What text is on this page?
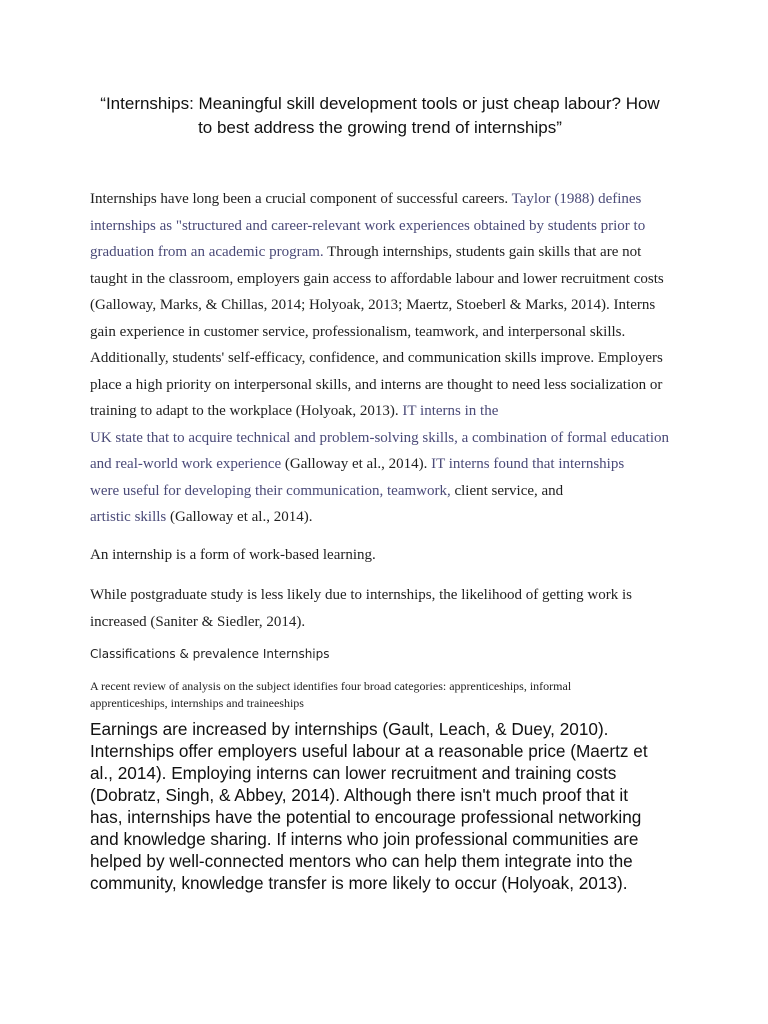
“Internships: Meaningful skill development tools or just cheap labour? How
to best address the growing trend of internships”
Internships have long been a crucial component of successful careers. Taylor (1988) defines
internships as "structured and career-relevant work experiences obtained by students prior to
graduation from an academic program. Through internships, students gain skills that are not
taught in the classroom, employers gain access to affordable labour and lower recruitment costs
(Galloway, Marks, & Chillas, 2014; Holyoak, 2013; Maertz, Stoeberl & Marks, 2014). Interns
gain experience in customer service, professionalism, teamwork, and interpersonal skills.
Additionally, students' self-efficacy, confidence, and communication skills improve. Employers
place a high priority on interpersonal skills, and interns are thought to need less socialization or
training to adapt to the workplace (Holyoak, 2013). IT interns in the
UK state that to acquire technical and problem-solving skills, a combination of formal education
and real-world work experience (Galloway et al., 2014). IT interns found that internships
were useful for developing their communication, teamwork, client service, and
artistic skills (Galloway et al., 2014).
An internship is a form of work-based learning.
While postgraduate study is less likely due to internships, the likelihood of getting work is
increased (Saniter & Siedler, 2014).
Classifications & prevalence Internships
A recent review of analysis on the subject identifies four broad categories: apprenticeships, informal
apprenticeships, internships and traineeships
Earnings are increased by internships (Gault, Leach, & Duey, 2010).
Internships offer employers useful labour at a reasonable price (Maertz et
al., 2014). Employing interns can lower recruitment and training costs
(Dobratz, Singh, & Abbey, 2014). Although there isn't much proof that it
has, internships have the potential to encourage professional networking
and knowledge sharing. If interns who join professional communities are
helped by well-connected mentors who can help them integrate into the
community, knowledge transfer is more likely to occur (Holyoak, 2013).
